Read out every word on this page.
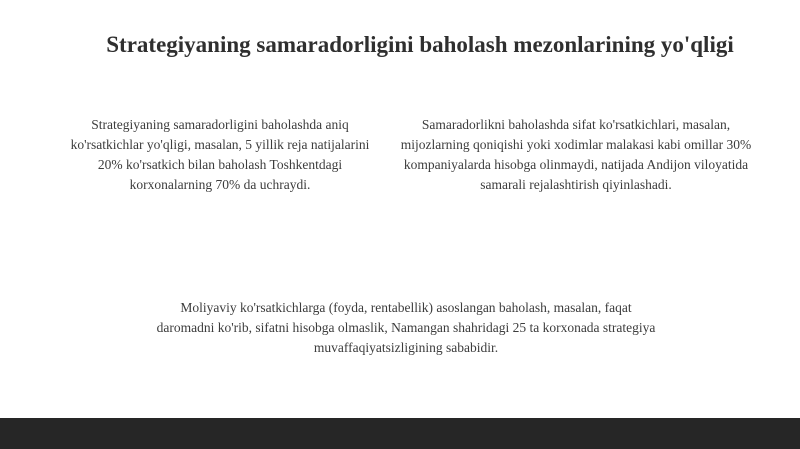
Strategiyaning samaradorligini baholash mezonlarining yo'qligi

Strategiyaning samaradorligini baholashda aniq ko'rsatkichlar yo'qligi, masalan, 5 yillik reja natijalarini 20% ko'rsatkich bilan baholash Toshkentdagi korxonalarning 70% da uchraydi.

Samaradorlikni baholashda sifat ko'rsatkichlari, masalan, mijozlarning qoniqishi yoki xodimlar malakasi kabi omillar 30% kompaniyalarda hisobga olinmaydi, natijada Andijon viloyatida samarali rejalashtirish qiyinlashadi.

Moliyaviy ko'rsatkichlarga (foyda, rentabellik) asoslangan baholash, masalan, faqat daromadni ko'rib, sifatni hisobga olmaslik, Namangan shahridagi 25 ta korxonada strategiya muvaffaqiyatsizligining sababidir.
